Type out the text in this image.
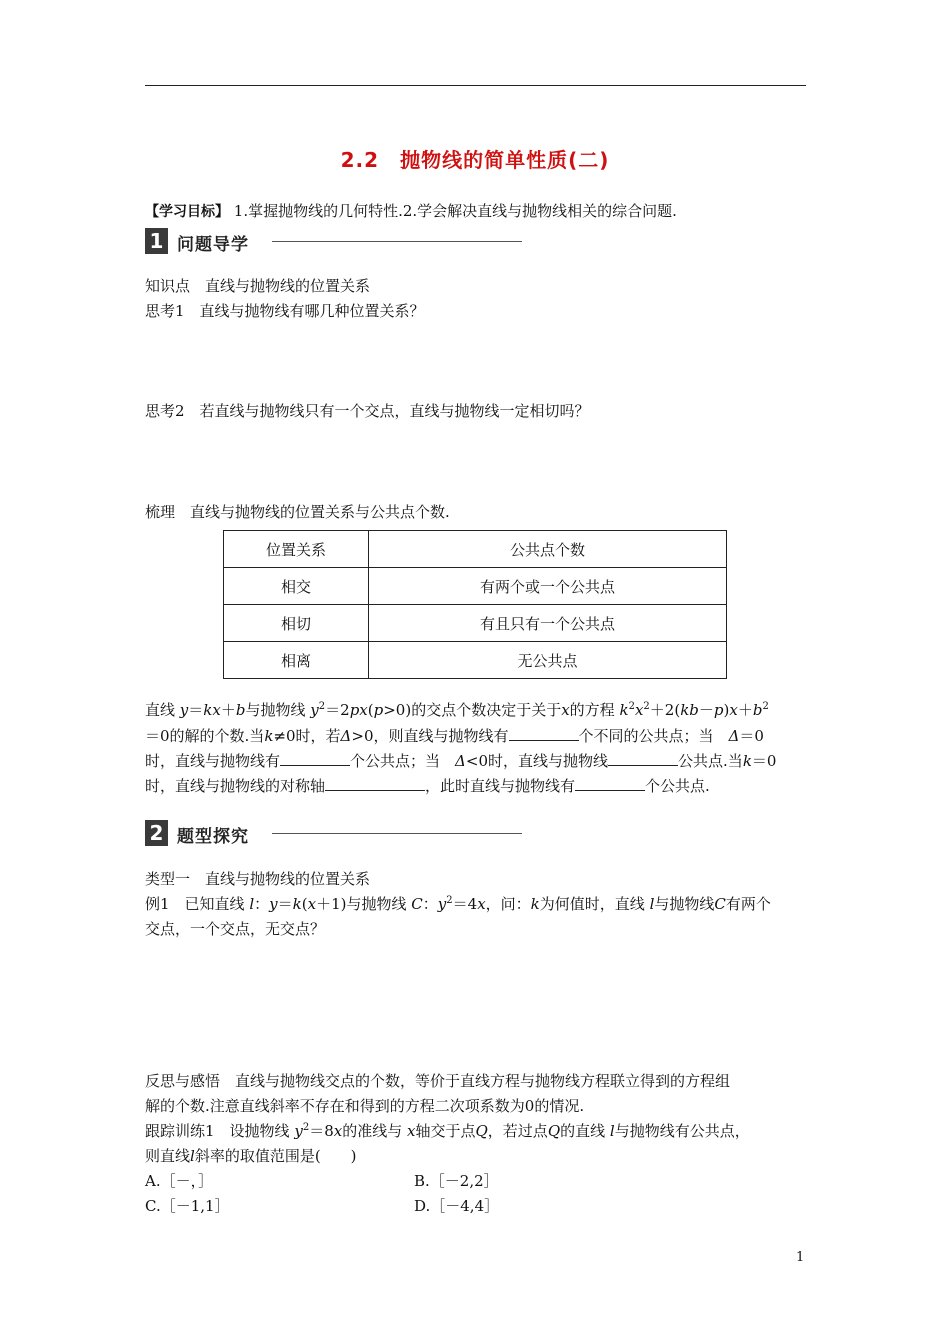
2.2　抛物线的简单性质(二)
【学习目标】 1.掌握抛物线的几何特性.2.学会解决直线与抛物线相关的综合问题.
1 问题导学
知识点　直线与抛物线的位置关系
思考1　直线与抛物线有哪几种位置关系？
思考2　若直线与抛物线只有一个交点，直线与抛物线一定相切吗？
梳理　直线与抛物线的位置关系与公共点个数.
位置关系	公共点个数
相交	有两个或一个公共点
相切	有且只有一个公共点
相离	无公共点
直线 y＝kx＋b与抛物线 $y^2=2px(p>0)$的交点个数决定于关于x的方程 $k^2x^2+2(kb-p)x+b^2$
＝0的解的个数.当k≠0时，若Δ>0，则直线与抛物线有	个不同的公共点；当　 Δ＝0
时，直线与抛物线有	个公共点；当　 Δ<0时，直线与抛物线	公共点.当k＝0
时，直线与抛物线的对称轴	，此时直线与抛物线有	个公共点.
2 题型探究
类型一　直线与抛物线的位置关系
例1　已知直线 l：y＝k(x＋1)与抛物线 C：$y^2=4x$，问：k为何值时，直线 l与抛物线C有两个
交点，一个交点，无交点？
反思与感悟　直线与抛物线交点的个数，等价于直线方程与抛物线方程联立得到的方程组
解的个数.注意直线斜率不存在和得到的方程二次项系数为0的情况.
跟踪训练1　设抛物线 $y^2=8x$的准线与 x轴交于点Q，若过点Q的直线 l与抛物线有公共点，
则直线l斜率的取值范围是(　　)
A.［－，］	B.［－2,2］
C.［－1,1］	D.［－4,4］
1
